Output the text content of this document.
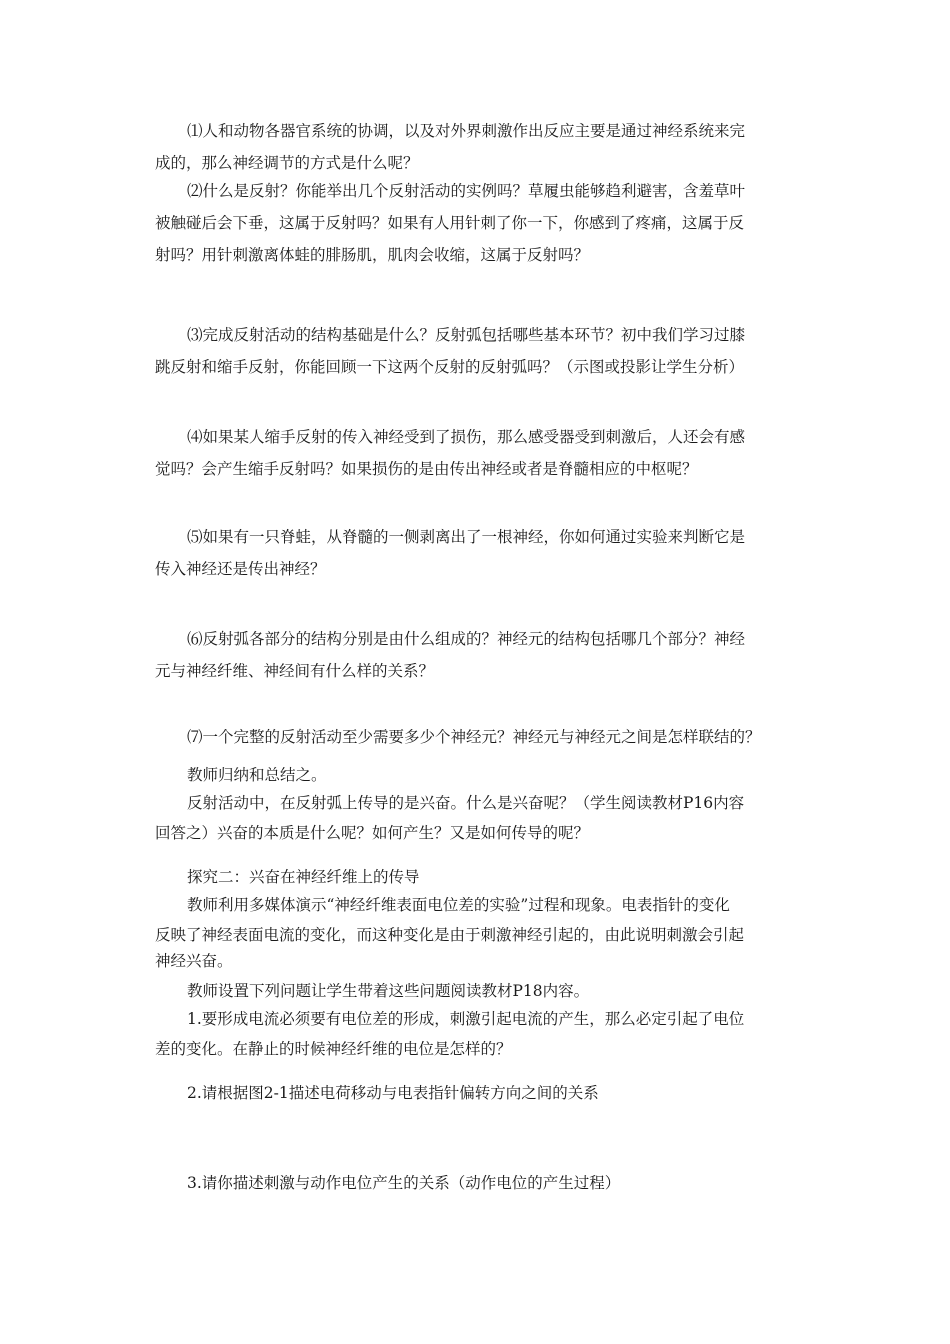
⑴人和动物各器官系统的协调，以及对外界刺激作出反应主要是通过神经系统来完
成的，那么神经调节的方式是什么呢？
⑵什么是反射？你能举出几个反射活动的实例吗？草履虫能够趋利避害，含羞草叶
被触碰后会下垂，这属于反射吗？如果有人用针刺了你一下，你感到了疼痛，这属于反
射吗？用针刺激离体蛙的腓肠肌，肌肉会收缩，这属于反射吗？
⑶完成反射活动的结构基础是什么？反射弧包括哪些基本环节？初中我们学习过膝
跳反射和缩手反射，你能回顾一下这两个反射的反射弧吗？（示图或投影让学生分析）
⑷如果某人缩手反射的传入神经受到了损伤，那么感受器受到刺激后，人还会有感
觉吗？会产生缩手反射吗？如果损伤的是由传出神经或者是脊髓相应的中枢呢？
⑸如果有一只脊蛙，从脊髓的一侧剥离出了一根神经，你如何通过实验来判断它是
传入神经还是传出神经？
⑹反射弧各部分的结构分别是由什么组成的？神经元的结构包括哪几个部分？神经
元与神经纤维、神经间有什么样的关系？
⑺一个完整的反射活动至少需要多少个神经元？神经元与神经元之间是怎样联结的？
教师归纳和总结之。
反射活动中，在反射弧上传导的是兴奋。什么是兴奋呢？（学生阅读教材P16内容
回答之）兴奋的本质是什么呢？如何产生？又是如何传导的呢？
探究二：兴奋在神经纤维上的传导
教师利用多媒体演示“神经纤维表面电位差的实验”过程和现象。电表指针的变化
反映了神经表面电流的变化，而这种变化是由于刺激神经引起的，由此说明刺激会引起
神经兴奋。
教师设置下列问题让学生带着这些问题阅读教材P18内容。
1.要形成电流必须要有电位差的形成，刺激引起电流的产生，那么必定引起了电位
差的变化。在静止的时候神经纤维的电位是怎样的？
2.请根据图2-1描述电荷移动与电表指针偏转方向之间的关系
3.请你描述刺激与动作电位产生的关系（动作电位的产生过程）
